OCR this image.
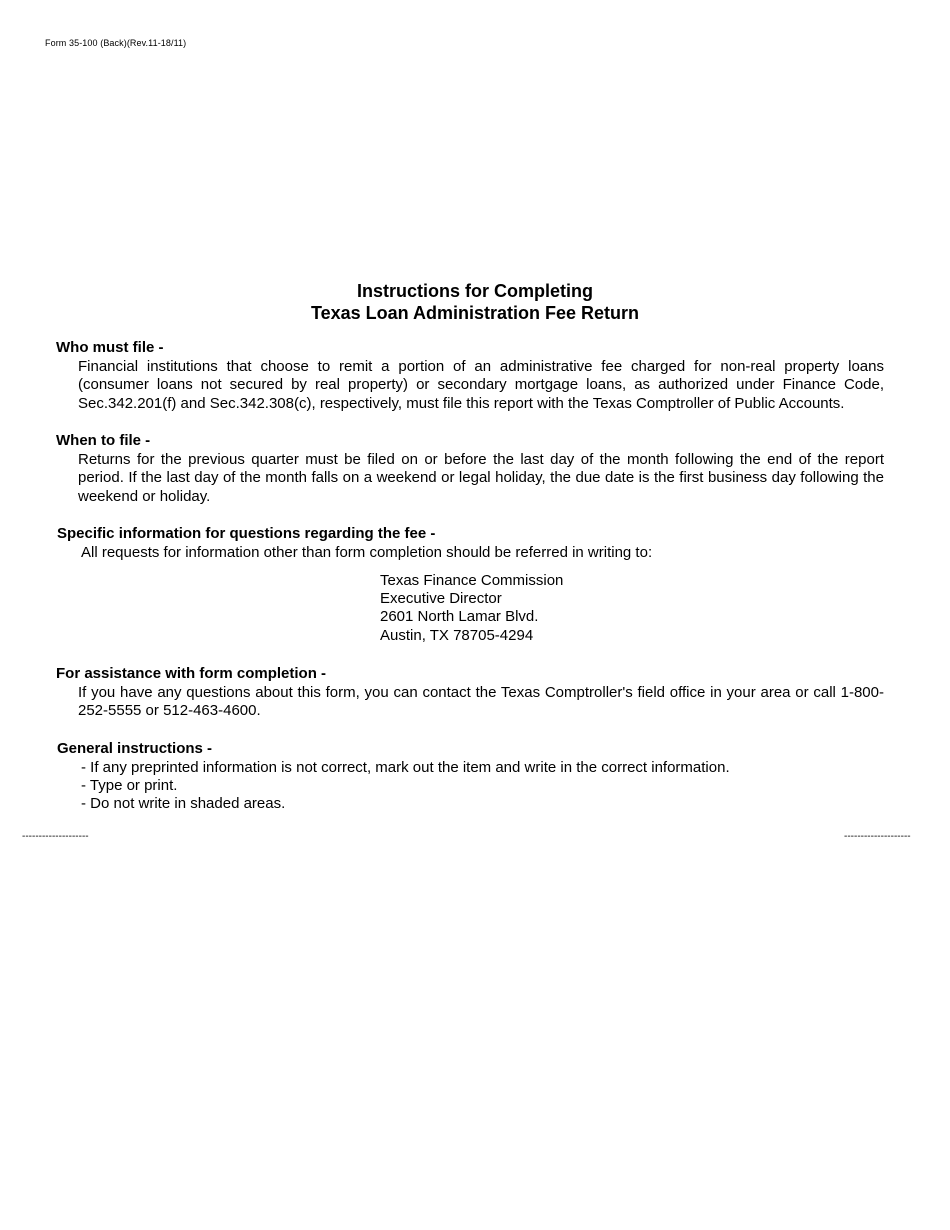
Form 35-100 (Back)(Rev.11-18/11)
Instructions for Completing
Texas Loan Administration Fee Return
Who must file -
Financial institutions that choose to remit a portion of an administrative fee charged for non-real property loans (consumer loans not secured by real property) or secondary mortgage loans, as authorized under Finance Code, Sec.342.201(f) and Sec.342.308(c), respectively, must file this report with the Texas Comptroller of Public Accounts.
When to file -
Returns for the previous quarter must be filed on or before the last day of the month following the end of the report period. If the last day of the month falls on a weekend or legal holiday, the due date is the first business day following the weekend or holiday.
Specific information for questions regarding the fee -
All requests for information other than form completion should be referred in writing to:
Texas Finance Commission
Executive Director
2601 North Lamar Blvd.
Austin, TX 78705-4294
For assistance with form completion -
If you have any questions about this form, you can contact the Texas Comptroller's field office in your area or call 1-800-252-5555 or 512-463-4600.
General instructions -
- If any preprinted information is not correct, mark out the item and write in the correct information.
- Type or print.
- Do not write in shaded areas.
--------------------	--------------------
